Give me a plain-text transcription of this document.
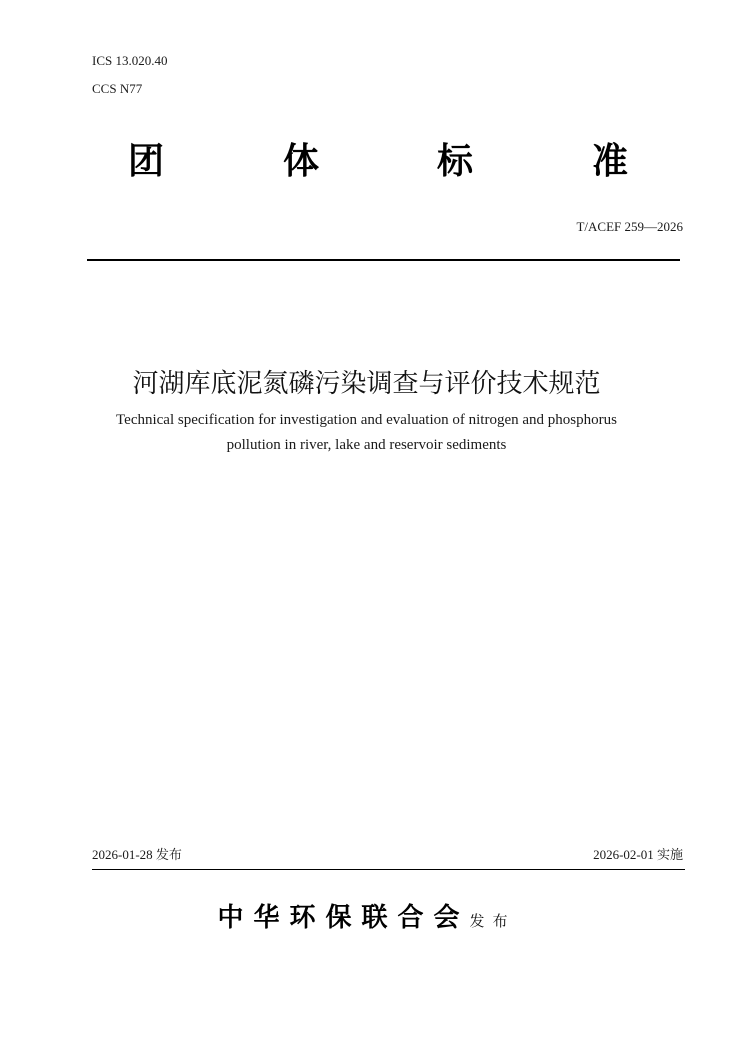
ICS 13.020.40
CCS N77
团	体	标	准
T/ACEF 259—2026
河湖库底泥氮磷污染调查与评价技术规范
Technical specification for investigation and evaluation of nitrogen and phosphorus
pollution in river, lake and reservoir sediments
2026-01-28 发布	2026-02-01 实施
中华环保联合会发布
